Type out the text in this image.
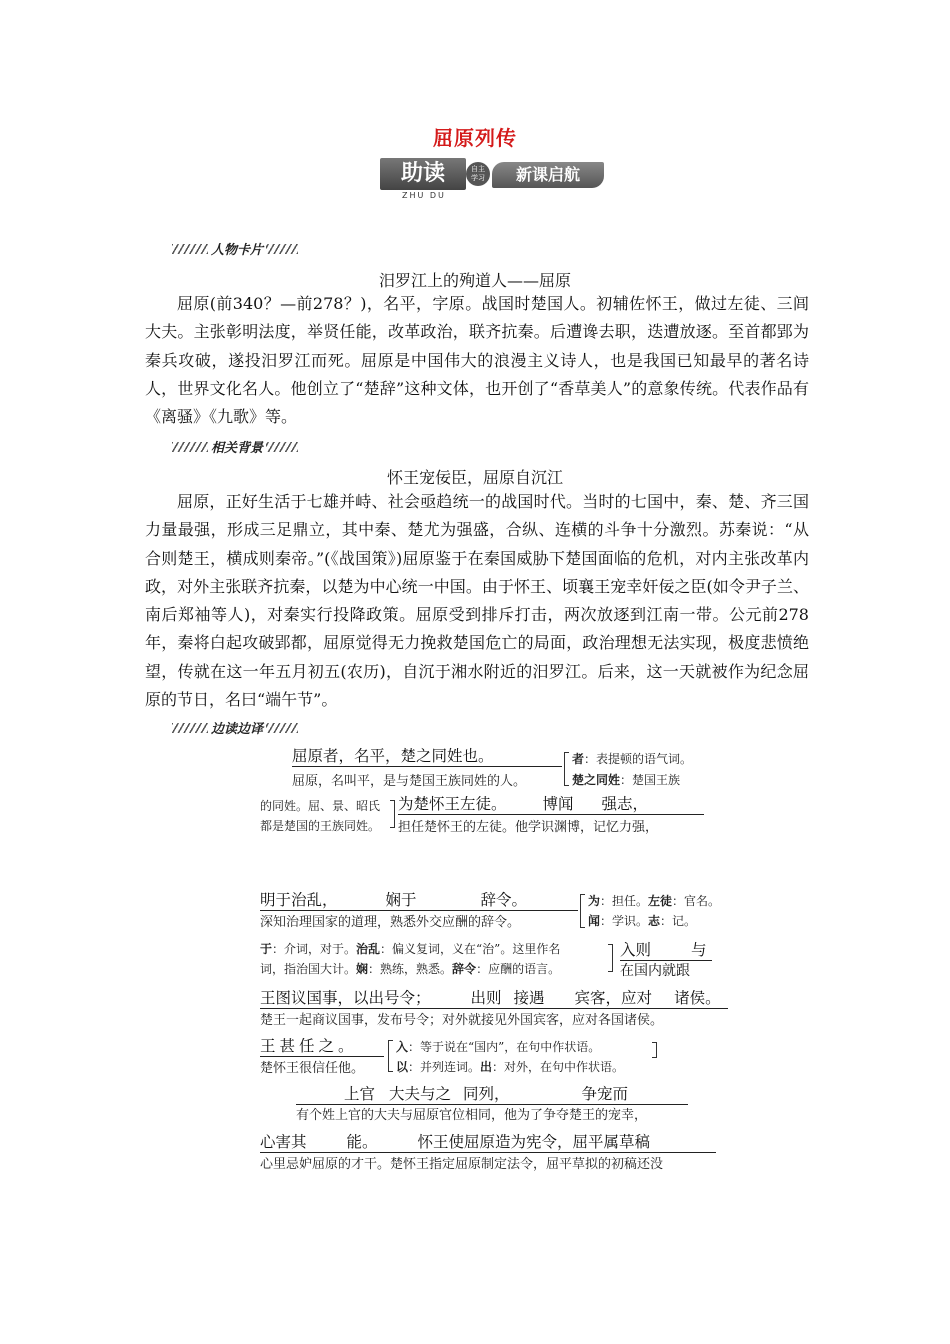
屈原列传
助读
ZHU DU
自主
学习	新课启航
人物卡片
汨罗江上的殉道人——屈原

屈原(前340？—前278？)，名平，字原。战国时楚国人。初辅佐怀王，做过左徒、三闾大夫。主张彰明法度，举贤任能，改革政治，联齐抗秦。后遭谗去职，迭遭放逐。至首都郢为秦兵攻破，遂投汨罗江而死。屈原是中国伟大的浪漫主义诗人，也是我国已知最早的著名诗人，世界文化名人。他创立了“楚辞”这种文体，也开创了“香草美人”的意象传统。代表作品有《离骚》《九歌》等。

相关背景
怀王宠佞臣，屈原自沉江

屈原，正好生活于七雄并峙、社会亟趋统一的战国时代。当时的七国中，秦、楚、齐三国力量最强，形成三足鼎立，其中秦、楚尤为强盛，合纵、连横的斗争十分激烈。苏秦说：“从合则楚王，横成则秦帝。”(《战国策》)屈原鉴于在秦国威胁下楚国面临的危机，对内主张改革内政，对外主张联齐抗秦，以楚为中心统一中国。由于怀王、顷襄王宠幸奸佞之臣(如令尹子兰、南后郑袖等人)，对秦实行投降政策。屈原受到排斥打击，两次放逐到江南一带。公元前278年，秦将白起攻破郢都，屈原觉得无力挽救楚国危亡的局面，政治理想无法实现，极度悲愤绝望，传就在这一年五月初五(农历)，自沉于湘水附近的汨罗江。后来，这一天就被作为纪念屈原的节日，名曰“端午节”。

边读边译
屈原者，名平，楚之同姓也。
屈原，名叫平，是与楚国王族同姓的人。
者：表提顿的语气词。
楚之同姓：楚国王族
的同姓。屈、景、昭氏
都是楚国的王族同姓。
为楚怀王左徒。 博闻 强志，
担任楚怀王的左徒。他学识渊博，记忆力强，
明于治乱，	娴于	辞令。
深知治理国家的道理，熟悉外交应酬的辞令。
为：担任。左徒：官名。
闻：学识。志：记。
于：介词，对于。治乱：偏义复词，义在“治”。这里作名
词，指治国大计。娴：熟练，熟悉。辞令：应酬的语言。
入则	与
在国内就跟
王图议国事，以出号令；	出则 接遇 宾客，应对 诸侯。
楚王一起商议国事，发布号令；对外就接见外国宾客，应对各国诸侯。
王甚任之。
楚怀王很信任他。
入：等于说在“国内”，在句中作状语。
以：并列连词。出：对外，在句中作状语。
上官 大夫与之 同列，	争宠而
有个姓上官的大夫与屈原官位相同，他为了争夺楚王的宠幸，
心害其	能。	怀王使屈原造为宪令，屈平属草稿
心里忌妒屈原的才干。楚怀王指定屈原制定法令，屈平草拟的初稿还没
